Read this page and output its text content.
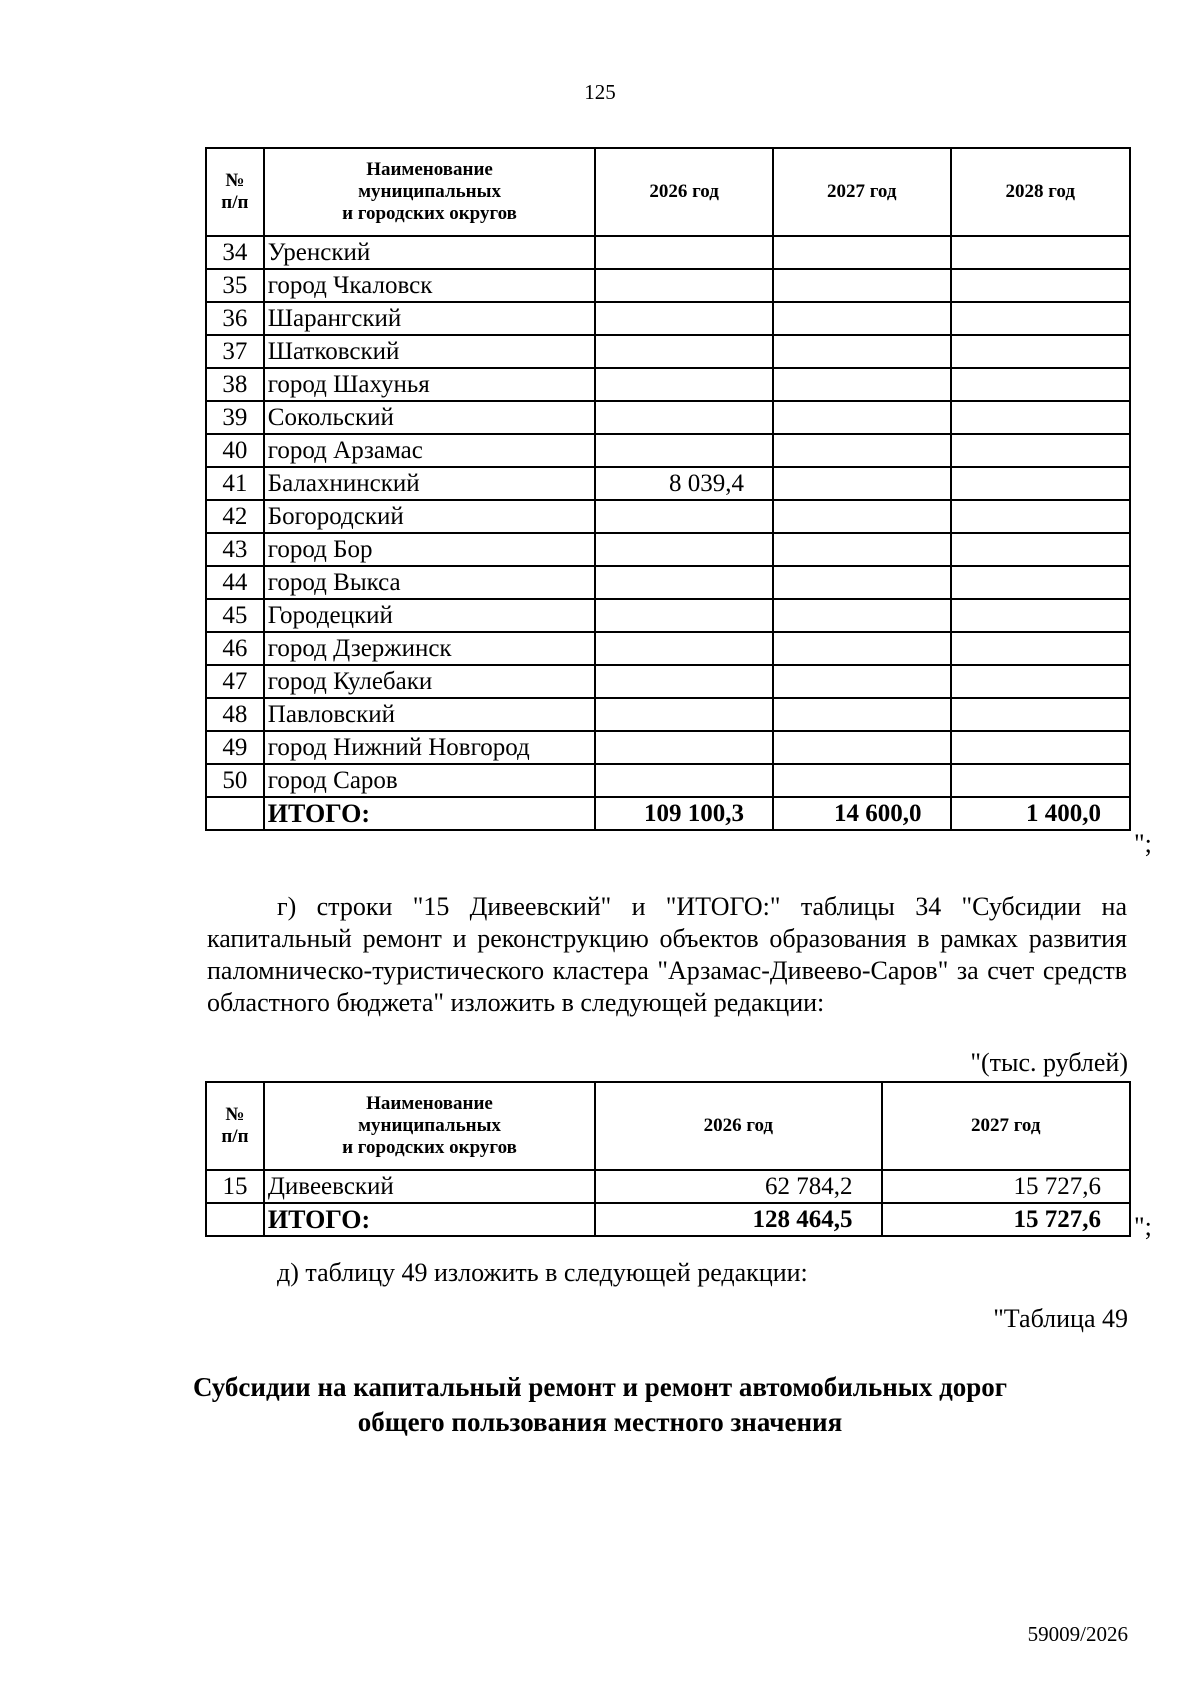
125
№
п/п	Наименование
муниципальных
и городских округов	2026 год	2027 год	2028 год
34	Уренский			
35	город Чкаловск			
36	Шарангский			
37	Шатковский			
38	город Шахунья			
39	Сокольский			
40	город Арзамас			
41	Балахнинский	8 039,4		
42	Богородский			
43	город Бор			
44	город Выкса			
45	Городецкий			
46	город Дзержинск			
47	город Кулебаки			
48	Павловский			
49	город Нижний Новгород			
50	город Саров			
	ИТОГО:	109 100,3	14 600,0	1 400,0
";

г) строки "15 Дивеевский" и "ИТОГО:" таблицы 34 "Субсидии на капитальный ремонт и реконструкцию объектов образования в рамках развития паломническо-туристического кластера "Арзамас-Дивеево-Саров" за счет средств областного бюджета" изложить в следующей редакции:

"(тыс. рублей)
№
п/п	Наименование
муниципальных
и городских округов	2026 год	2027 год
15	Дивеевский	62 784,2	15 727,6
	ИТОГО:	128 464,5	15 727,6 ";
д) таблицу 49 изложить в следующей редакции:
"Таблица 49
Субсидии на капитальный ремонт и ремонт автомобильных дорог
общего пользования местного значения
59009/2026
